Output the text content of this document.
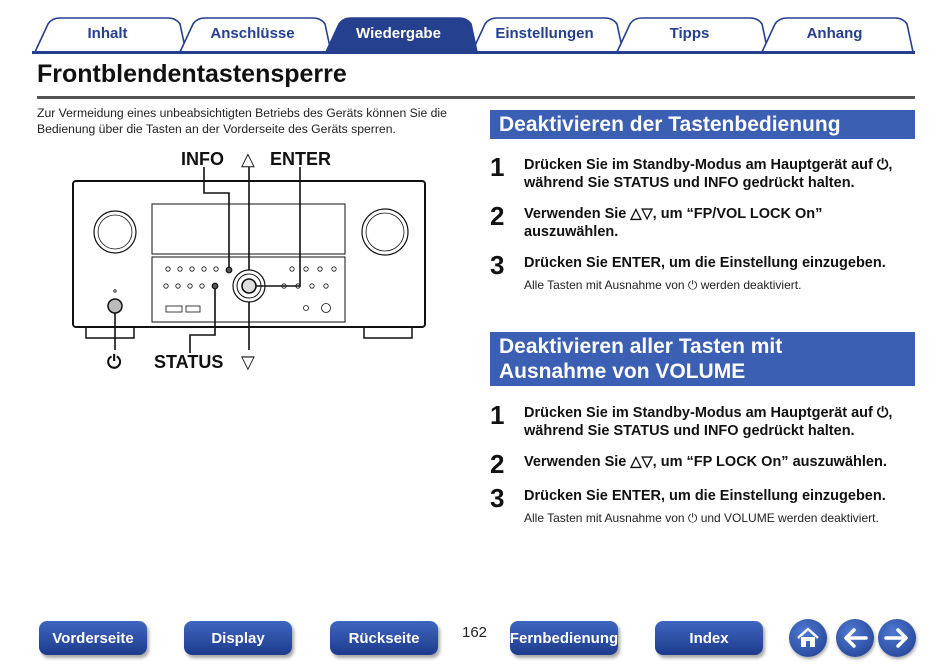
Inhalt	Anschlüsse	Wiedergabe	Einstellungen	Tipps	Anhang
Frontblendentastensperre
Zur Vermeidung eines unbeabsichtigten Betriebs des Geräts können Sie die Bedienung über die Tasten an der Vorderseite des Geräts sperren.
INFO △ ENTER
STATUS ▽
⏻
Deaktivieren der Tastenbedienung
1	Drücken Sie im Standby-Modus am Hauptgerät auf ⏻, während Sie STATUS und INFO gedrückt halten.
2	Verwenden Sie △▽, um “FP/VOL LOCK On” auszuwählen.
3	Drücken Sie ENTER, um die Einstellung einzugeben.
Alle Tasten mit Ausnahme von ⏻ werden deaktiviert.
Deaktivieren aller Tasten mit
Ausnahme von VOLUME
1	Drücken Sie im Standby-Modus am Hauptgerät auf ⏻, während Sie STATUS und INFO gedrückt halten.
2	Verwenden Sie △▽, um “FP LOCK On” auszuwählen.
3	Drücken Sie ENTER, um die Einstellung einzugeben.
Alle Tasten mit Ausnahme von ⏻ und VOLUME werden deaktiviert.
Vorderseite	Display	Rückseite	162 Fernbedienung	Index
